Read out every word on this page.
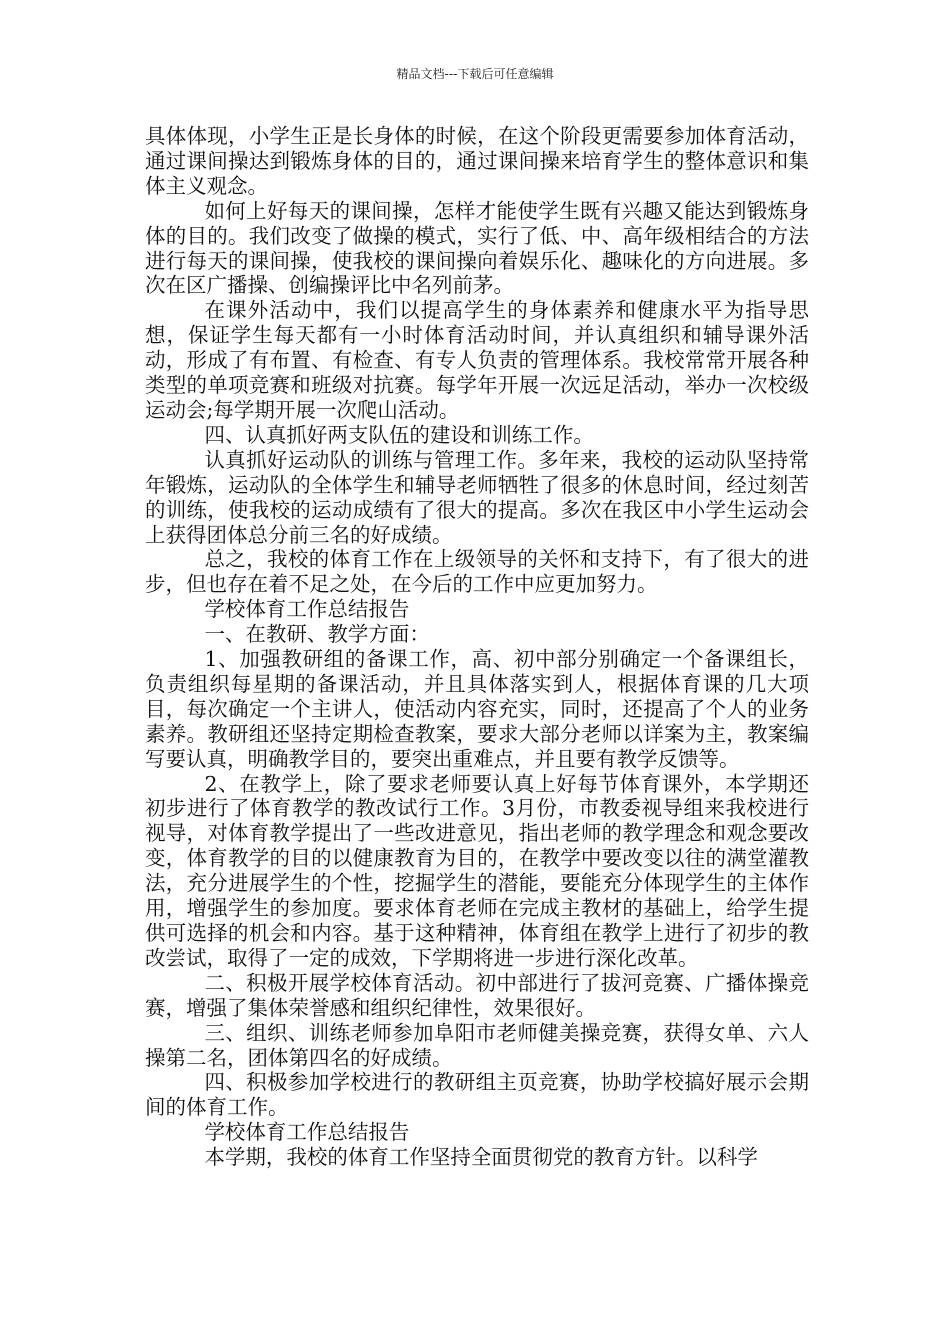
精品文档---下载后可任意编辑

具体体现，小学生正是长身体的时候，在这个阶段更需要参加体育活动，通过课间操达到锻炼身体的目的，通过课间操来培育学生的整体意识和集体主义观念。

如何上好每天的课间操，怎样才能使学生既有兴趣又能达到锻炼身体的目的。我们改变了做操的模式，实行了低、中、高年级相结合的方法进行每天的课间操，使我校的课间操向着娱乐化、趣味化的方向进展。多次在区广播操、创编操评比中名列前茅。

在课外活动中，我们以提高学生的身体素养和健康水平为指导思想，保证学生每天都有一小时体育活动时间，并认真组织和辅导课外活动，形成了有布置、有检查、有专人负责的管理体系。我校常常开展各种类型的单项竞赛和班级对抗赛。每学年开展一次远足活动，举办一次校级运动会;每学期开展一次爬山活动。

四、认真抓好两支队伍的建设和训练工作。

认真抓好运动队的训练与管理工作。多年来，我校的运动队坚持常年锻炼，运动队的全体学生和辅导老师牺牲了很多的休息时间，经过刻苦的训练，使我校的运动成绩有了很大的提高。多次在我区中小学生运动会上获得团体总分前三名的好成绩。

总之，我校的体育工作在上级领导的关怀和支持下，有了很大的进步，但也存在着不足之处，在今后的工作中应更加努力。

学校体育工作总结报告

一、在教研、教学方面：

1、加强教研组的备课工作，高、初中部分别确定一个备课组长，负责组织每星期的备课活动，并且具体落实到人，根据体育课的几大项目，每次确定一个主讲人，使活动内容充实，同时，还提高了个人的业务素养。教研组还坚持定期检查教案，要求大部分老师以详案为主，教案编写要认真，明确教学目的，要突出重难点，并且要有教学反馈等。

2、在教学上，除了要求老师要认真上好每节体育课外，本学期还初步进行了体育教学的教改试行工作。3月份，市教委视导组来我校进行视导，对体育教学提出了一些改进意见，指出老师的教学理念和观念要改变，体育教学的目的以健康教育为目的，在教学中要改变以往的满堂灌教法，充分进展学生的个性，挖掘学生的潜能，要能充分体现学生的主体作用，增强学生的参加度。要求体育老师在完成主教材的基础上，给学生提供可选择的机会和内容。基于这种精神，体育组在教学上进行了初步的教改尝试，取得了一定的成效，下学期将进一步进行深化改革。

二、积极开展学校体育活动。初中部进行了拔河竞赛、广播体操竞赛，增强了集体荣誉感和组织纪律性，效果很好。

三、组织、训练老师参加阜阳市老师健美操竞赛，获得女单、六人操第二名，团体第四名的好成绩。

四、积极参加学校进行的教研组主页竞赛，协助学校搞好展示会期间的体育工作。

学校体育工作总结报告

本学期，我校的体育工作坚持全面贯彻党的教育方针。以科学
